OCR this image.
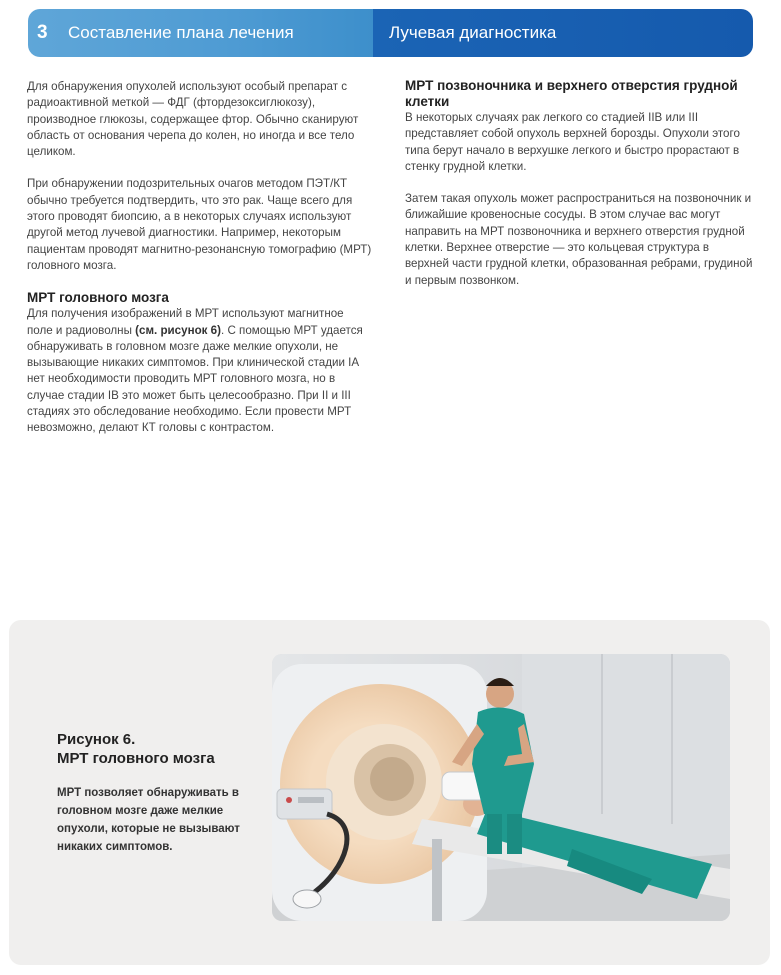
3	Составление плана лечения	Лучевая диагностика

Для обнаружения опухолей используют особый препарат с радиоактивной меткой — ФДГ (фтордезоксиглюкозу), производное глюкозы, содержащее фтор. Обычно сканируют область от основания черепа до колен, но иногда и все тело целиком.

При обнаружении подозрительных очагов методом ПЭТ/КТ обычно требуется подтвердить, что это рак. Чаще всего для этого проводят биопсию, а в некоторых случаях используют другой метод лучевой диагностики. Например, некоторым пациентам проводят магнитно-резонансную томографию (МРТ) головного мозга.

МРТ головного мозга

Для получения изображений в МРТ используют магнитное поле и радиоволны (см. рисунок 6). С помощью МРТ удается обнаруживать в головном мозге даже мелкие опухоли, не вызывающие никаких симптомов. При клинической стадии IA нет необходимости проводить МРТ головного мозга, но в случае стадии IB это может быть целесообразно. При II и III стадиях это обследование необходимо. Если провести МРТ невозможно, делают КТ головы с контрастом.

МРТ позвоночника и верхнего отверстия грудной клетки

В некоторых случаях рак легкого со стадией IIB или III представляет собой опухоль верхней борозды. Опухоли этого типа берут начало в верхушке легкого и быстро прорастают в стенку грудной клетки.

Затем такая опухоль может распространиться на позвоночник и ближайшие кровеносные сосуды. В этом случае вас могут направить на МРТ позвоночника и верхнего отверстия грудной клетки. Верхнее отверстие — это кольцевая структура в верхней части грудной клетки, образованная ребрами, грудиной и первым позвонком.

Рисунок 6.
МРТ головного мозга

МРТ позволяет обнаруживать в головном мозге даже мелкие опухоли, которые не вызывают никаких симптомов.
